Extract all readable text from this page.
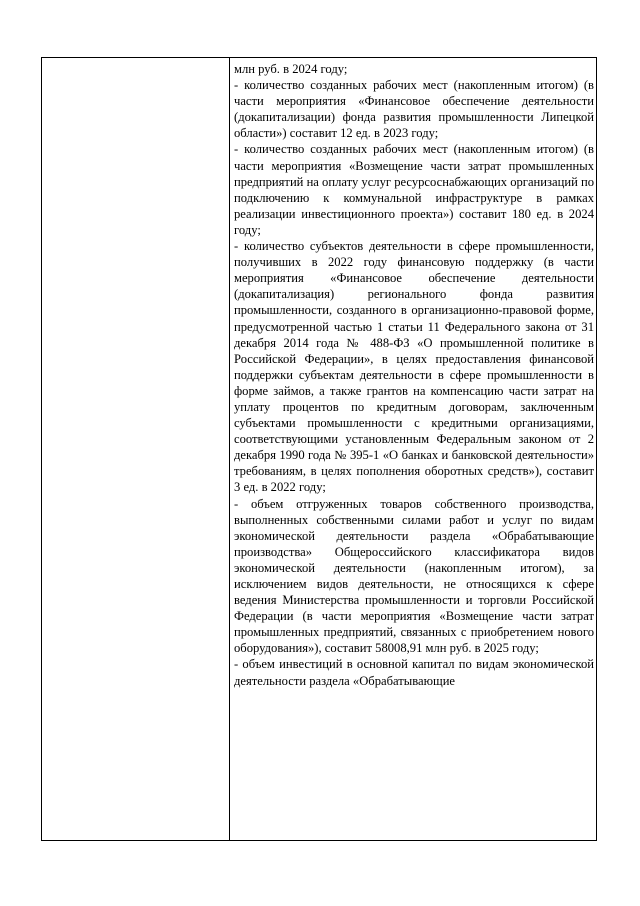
млн руб. в 2024 году;

- количество созданных рабочих мест (накопленным итогом) (в части мероприятия «Финансовое обеспечение деятельности (докапитализации) фонда развития промышленности Липецкой области») составит 12 ед. в 2023 году;

- количество созданных рабочих мест (накопленным итогом) (в части мероприятия «Возмещение части затрат промышленных предприятий на оплату услуг ресурсоснабжающих организаций по подключению к коммунальной инфраструктуре в рамках реализации инвестиционного проекта») составит 180 ед. в 2024 году;

- количество субъектов деятельности в сфере промышленности, получивших в 2022 году финансовую поддержку (в части мероприятия «Финансовое обеспечение деятельности (докапитализация) регионального фонда развития промышленности, созданного в организационно-правовой форме, предусмотренной частью 1 статьи 11 Федерального закона от 31 декабря 2014 года № 488-ФЗ «О промышленной политике в Российской Федерации», в целях предоставления финансовой поддержки субъектам деятельности в сфере промышленности в форме займов, а также грантов на компенсацию части затрат на уплату процентов по кредитным договорам, заключенным субъектами промышленности с кредитными организациями, соответствующими установленным Федеральным законом от 2 декабря 1990 года № 395-1 «О банках и банковской деятельности» требованиям, в целях пополнения оборотных средств»), составит 3 ед. в 2022 году;

- объем отгруженных товаров собственного производства, выполненных собственными силами работ и услуг по видам экономической деятельности раздела «Обрабатывающие производства» Общероссийского классификатора видов экономической деятельности (накопленным итогом), за исключением видов деятельности, не относящихся к сфере ведения Министерства промышленности и торговли Российской Федерации (в части мероприятия «Возмещение части затрат промышленных предприятий, связанных с приобретением нового оборудования»), составит 58008,91 млн руб. в 2025 году;

- объем инвестиций в основной капитал по видам экономической деятельности раздела «Обрабатывающие
